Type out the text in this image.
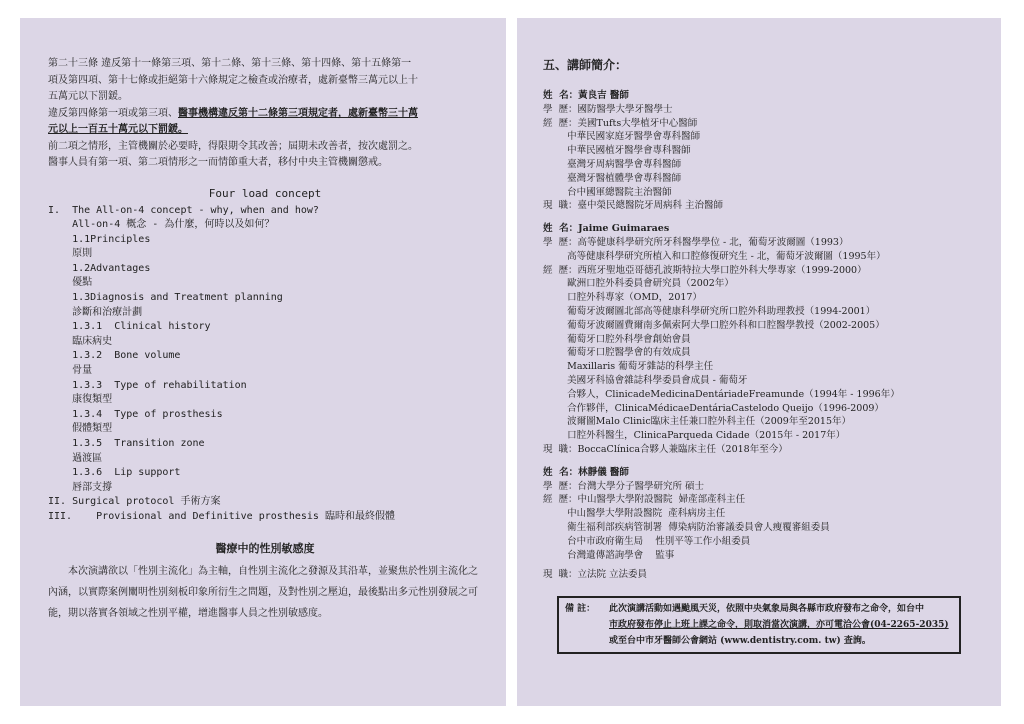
第二十三條 違反第十一條第三項、第十二條、第十三條、第十四條、第十五條第一

項及第四項、第十七條或拒絕第十六條規定之檢查或治療者，處新臺幣三萬元以上十

五萬元以下罰鍰。

違反第四條第一項或第三項、醫事機構違反第十二條第三項規定者，處新臺幣三十萬

元以上一百五十萬元以下罰鍰。

前二項之情形，主管機關於必要時，得限期令其改善；屆期未改善者，按次處罰之。

醫事人員有第一項、第二項情形之一而情節重大者，移付中央主管機關懲戒。

Four load concept

I.  The All-on-4 concept - why, when and how?

All-on-4 概念 - 為什麼，何時以及如何？

1.1Principles

原則

1.2Advantages

優點

1.3Diagnosis and Treatment planning

診斷和治療計劃

1.3.1  Clinical history

臨床病史

1.3.2  Bone volume

骨量

1.3.3  Type of rehabilitation

康復類型

1.3.4  Type of prosthesis

假體類型

1.3.5  Transition zone

過渡區

1.3.6  Lip support

唇部支撐

II. Surgical protocol 手術方案

III.    Provisional and Definitive prosthesis 臨時和最終假體

醫療中的性別敏感度

本次演講欲以「性別主流化」為主軸，自性別主流化之發源及其沿革，並聚焦於性別主流化之內涵，以實際案例闡明性別刻板印象所衍生之問題，及對性別之壓迫，最後點出多元性別發展之可能，期以落實各領域之性別平權，增進醫事人員之性別敏感度。

五、講師簡介：

姓  名：黃良吉 醫師

學  歷：國防醫學大學牙醫學士

經  歷：美國Tufts大學植牙中心醫師

中華民國家庭牙醫學會專科醫師

中華民國植牙醫學會專科醫師

臺灣牙周病醫學會專科醫師

臺灣牙醫植體學會專科醫師

台中國軍總醫院主治醫師

現  職：臺中榮民總醫院牙周病科 主治醫師

姓  名：Jaime Guimaraes

學  歷：高等健康科學研究所牙科醫學學位 - 北，葡萄牙波爾圖（1993）

高等健康科學研究所植入和口腔修復研究生 - 北，葡萄牙波爾圖（1995年）

經  歷：西班牙聖地亞哥德孔波斯特拉大學口腔外科大學專家（1999-2000）

歐洲口腔外科委員會研究員（2002年）

口腔外科專家（OMD，2017）

葡萄牙波爾圖北部高等健康科學研究所口腔外科助理教授（1994-2001）

葡萄牙波爾圖費爾南多佩索阿大學口腔外科和口腔醫學教授（2002-2005）

葡萄牙口腔外科學會創始會員

葡萄牙口腔醫學會的有效成員

Maxillaris 葡萄牙雜誌的科學主任

美國牙科協會雜誌科學委員會成員 - 葡萄牙

合夥人，ClinicadeMedicinaDentáriadeFreamunde（1994年 - 1996年）

合作夥伴，ClinicaMédicaeDentáriaCastelodo Queijo（1996-2009）

波爾圖Malo Clinic臨床主任兼口腔外科主任（2009年至2015年）

口腔外科醫生，ClinicaParqueda Cidade（2015年 - 2017年）

現  職：BoccaClínica合夥人兼臨床主任（2018年至今）

姓  名：林靜儀 醫師

學  歷：台灣大學分子醫學研究所 碩士

經  歷：中山醫學大學附設醫院  婦產部產科主任

中山醫學大學附設醫院  產科病房主任

衛生福利部疾病管制署  傳染病防治審議委員會人瘦覆審組委員

台中市政府衛生局    性別平等工作小組委員

台灣遺傳諮詢學會    監事

現  職：立法院 立法委員

備 註： 此次演講活動如遇颱風天災，依照中央氣象局與各縣市政府發布之命令，如台中
市政府發布停止上班上課之命令，則取消當次演講，亦可電洽公會(04-2265-2035)
或至台中市牙醫師公會網站 (www.dentistry.com. tw) 查詢。
